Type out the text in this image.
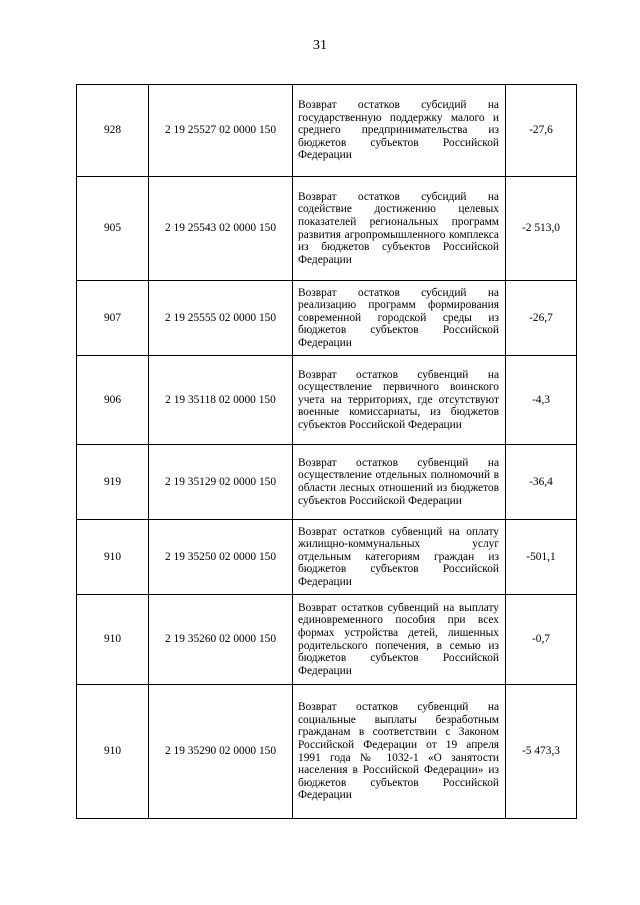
31
928	2 19 25527 02 0000 150	Возврат остатков субсидий на государственную поддержку малого и среднего предпринимательства из бюджетов субъектов Российской Федерации	-27,6
905	2 19 25543 02 0000 150	Возврат остатков субсидий на содействие достижению целевых показателей региональных программ развития агропромышленного комплекса из бюджетов субъектов Российской Федерации	-2 513,0
907	2 19 25555 02 0000 150	Возврат остатков субсидий на реализацию программ формирования современной городской среды из бюджетов субъектов Российской Федерации	-26,7
906	2 19 35118 02 0000 150	Возврат остатков субвенций на осуществление первичного воинского учета на территориях, где отсутствуют военные комиссариаты, из бюджетов субъектов Российской Федерации	-4,3
919	2 19 35129 02 0000 150	Возврат остатков субвенций на осуществление отдельных полномочий в области лесных отношений из бюджетов субъектов Российской Федерации	-36,4
910	2 19 35250 02 0000 150	Возврат остатков субвенций на оплату жилищно-коммунальных услуг отдельным категориям граждан из бюджетов субъектов Российской Федерации	-501,1
910	2 19 35260 02 0000 150	Возврат остатков субвенций на выплату единовременного пособия при всех формах устройства детей, лишенных родительского попечения, в семью из бюджетов субъектов Российской Федерации	-0,7
910	2 19 35290 02 0000 150	Возврат остатков субвенций на социальные выплаты безработным гражданам в соответствии с Законом Российской Федерации от 19 апреля 1991 года № 1032-1 «О занятости населения в Российской Федерации» из бюджетов субъектов Российской Федерации	-5 473,3
